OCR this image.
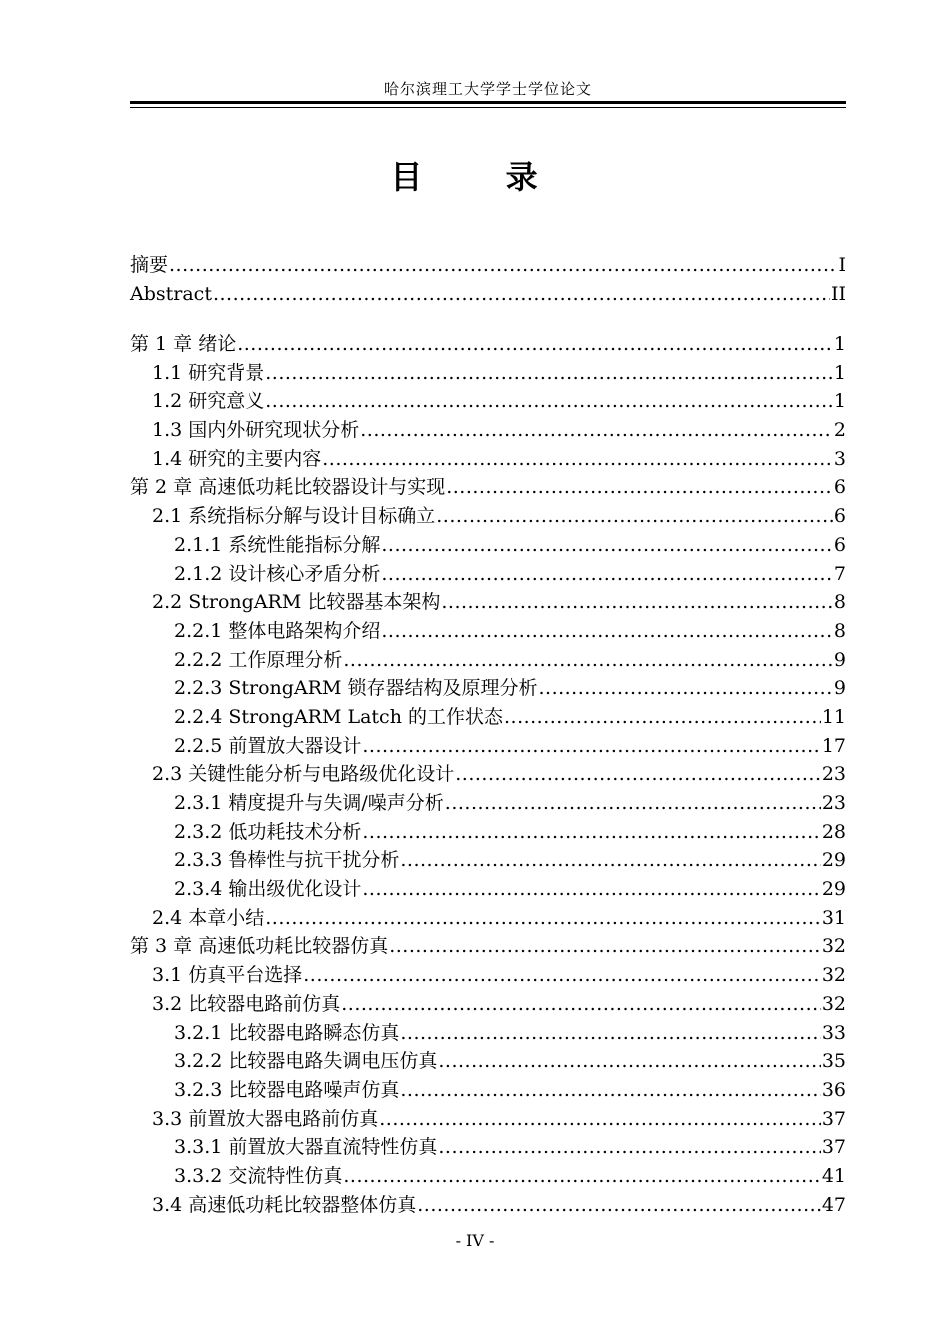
哈尔滨理工大学学士学位论文
目 录
摘要 .....	I
Abstract .....	II
第 1 章 绪论 .....	1
1.1 研究背景 .....	1
1.2 研究意义 .....	1
1.3 国内外研究现状分析 .....	2
1.4 研究的主要内容 .....	3
第 2 章 高速低功耗比较器设计与实现 .....	6
2.1 系统指标分解与设计目标确立 .....	6
2.1.1 系统性能指标分解 .....	6
2.1.2 设计核心矛盾分析 .....	7
2.2 StrongARM 比较器基本架构 .....	8
2.2.1 整体电路架构介绍 .....	8
2.2.2 工作原理分析 .....	9
2.2.3 StrongARM 锁存器结构及原理分析 .....	9
2.2.4 StrongARM Latch 的工作状态 .....	11
2.2.5 前置放大器设计 .....	17
2.3 关键性能分析与电路级优化设计 .....	23
2.3.1 精度提升与失调/噪声分析 .....	23
2.3.2 低功耗技术分析 .....	28
2.3.3 鲁棒性与抗干扰分析 .....	29
2.3.4 输出级优化设计 .....	29
2.4 本章小结 .....	31
第 3 章 高速低功耗比较器仿真 .....	32
3.1 仿真平台选择 .....	32
3.2 比较器电路前仿真 .....	32
3.2.1 比较器电路瞬态仿真 .....	33
3.2.2 比较器电路失调电压仿真 .....	35
3.2.3 比较器电路噪声仿真 .....	36
3.3 前置放大器电路前仿真 .....	37
3.3.1 前置放大器直流特性仿真 .....	37
3.3.2 交流特性仿真 .....	41
3.4 高速低功耗比较器整体仿真 .....	47
- IV -
